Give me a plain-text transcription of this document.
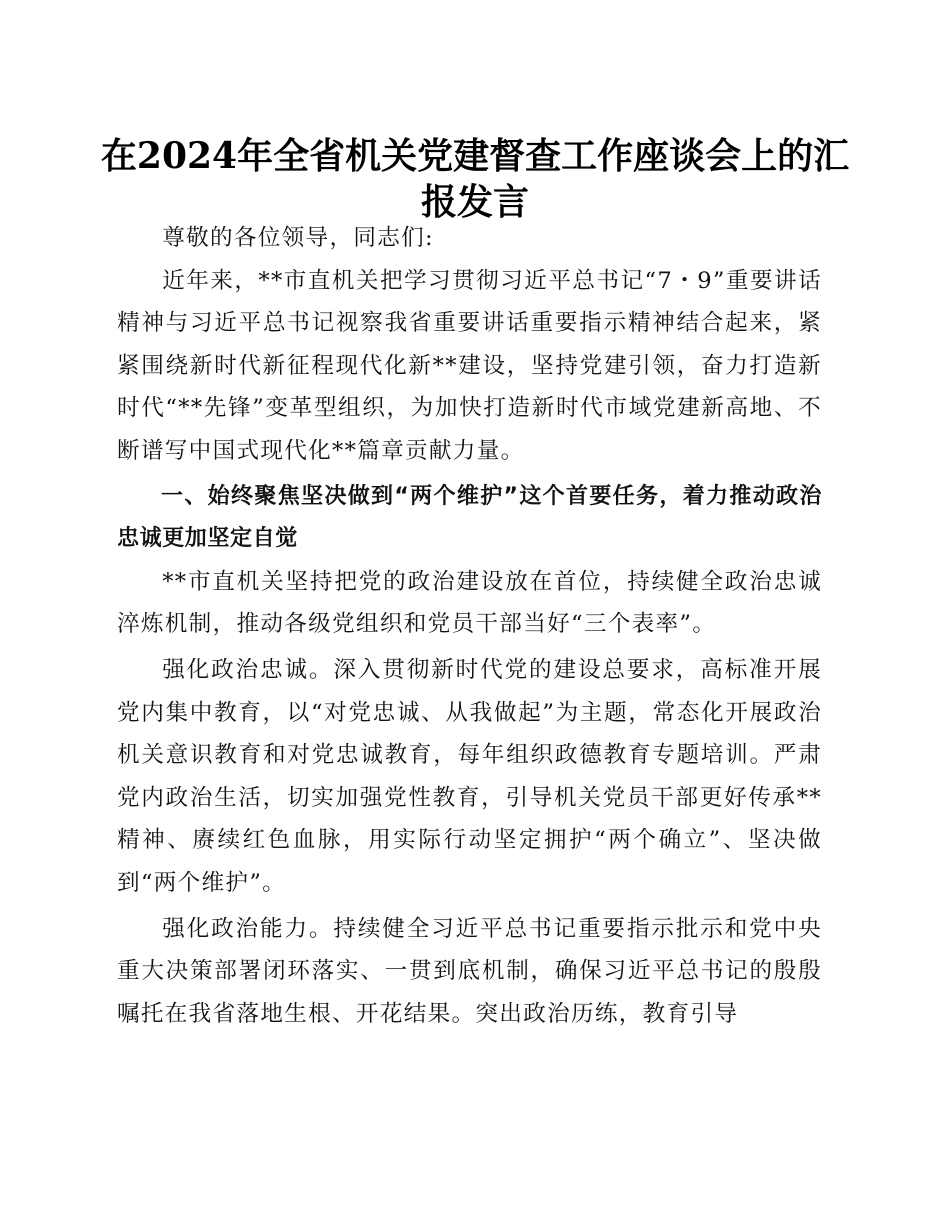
在2024年全省机关党建督查工作座谈会上的汇报发言

尊敬的各位领导，同志们:

近年来，**市直机关把学习贯彻习近平总书记“7・9”重要讲话精神与习近平总书记视察我省重要讲话重要指示精神结合起来，紧紧围绕新时代新征程现代化新**建设，坚持党建引领，奋力打造新时代“**先锋”变革型组织，为加快打造新时代市域党建新高地、不断谱写中国式现代化**篇章贡献力量。

一、始终聚焦坚决做到“两个维护”这个首要任务，着力推动政治忠诚更加坚定自觉

**市直机关坚持把党的政治建设放在首位，持续健全政治忠诚淬炼机制，推动各级党组织和党员干部当好“三个表率”。

强化政治忠诚。深入贯彻新时代党的建设总要求，高标准开展党内集中教育，以“对党忠诚、从我做起”为主题，常态化开展政治机关意识教育和对党忠诚教育，每年组织政德教育专题培训。严肃党内政治生活，切实加强党性教育，引导机关党员干部更好传承**精神、赓续红色血脉，用实际行动坚定拥护“两个确立”、坚决做到“两个维护”。

强化政治能力。持续健全习近平总书记重要指示批示和党中央重大决策部署闭环落实、一贯到底机制，确保习近平总书记的殷殷嘱托在我省落地生根、开花结果。突出政治历练，教育引导
